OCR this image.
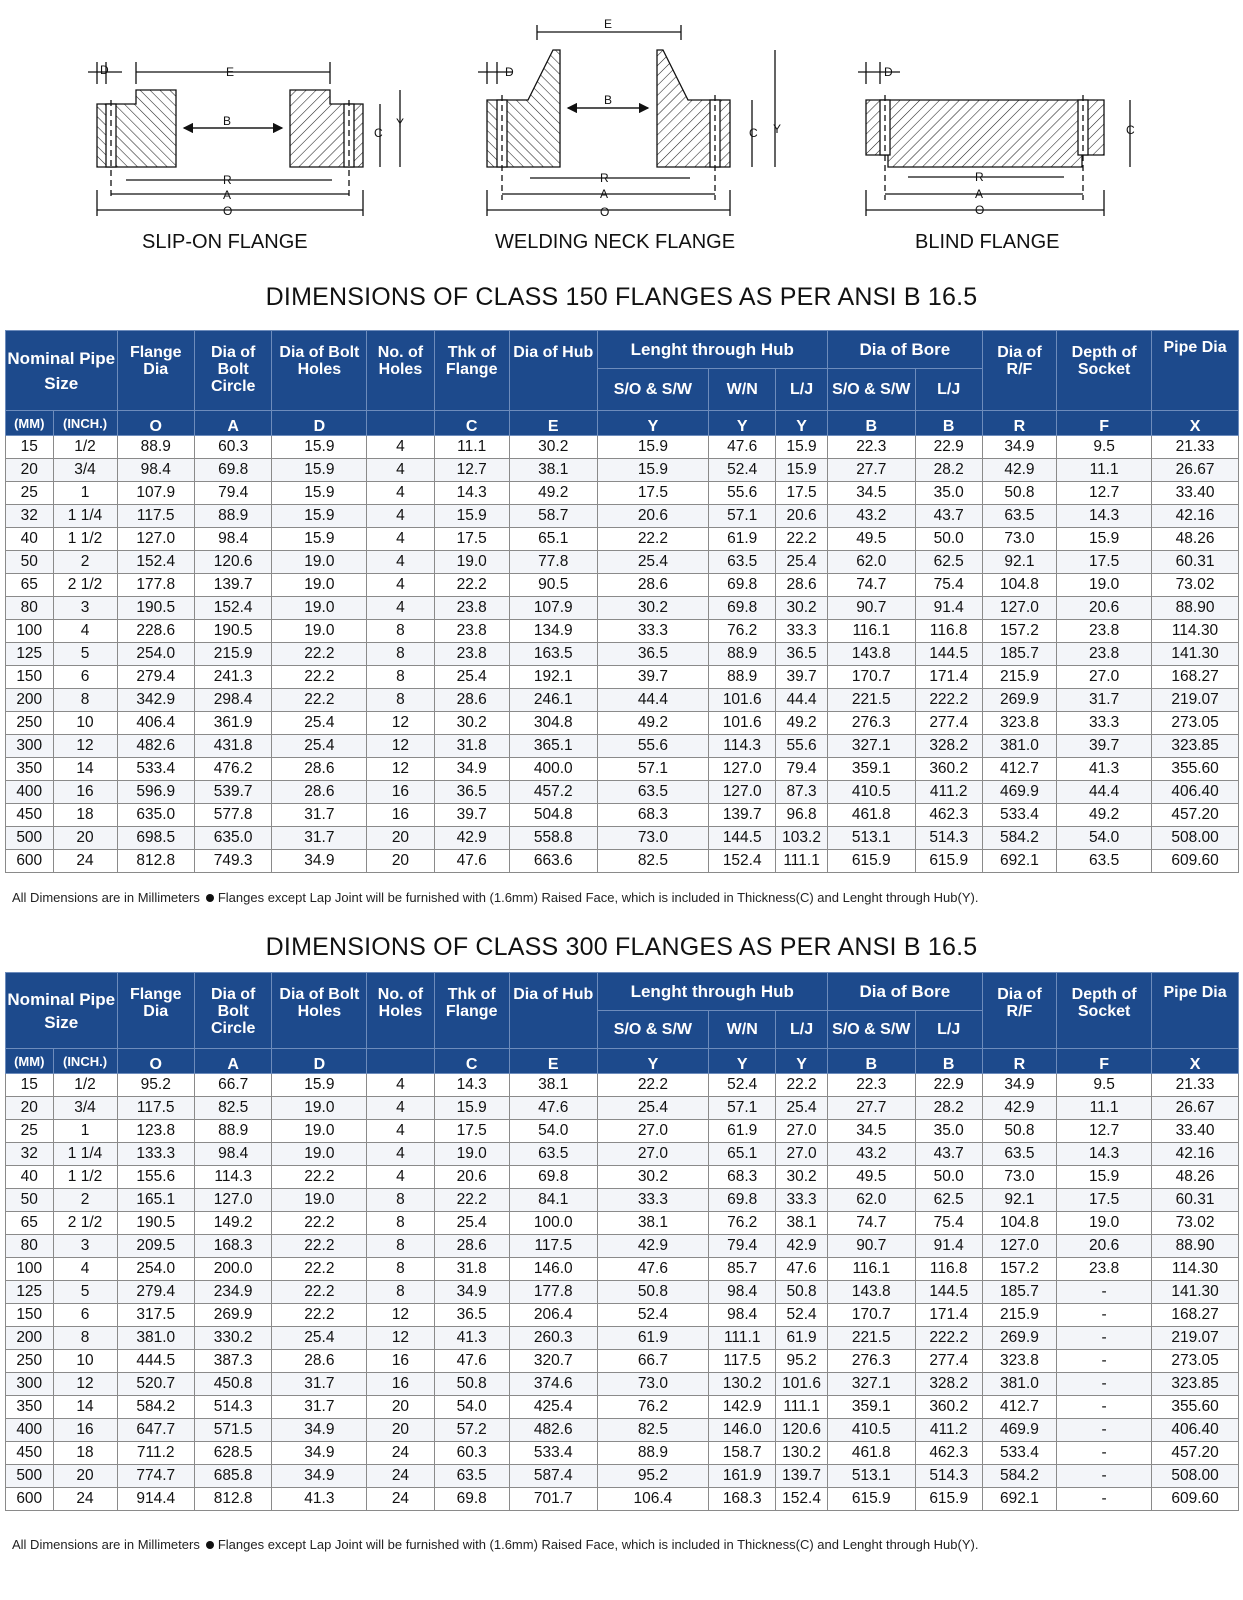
D	E
B
C
Y
R
A
O
E
D
B
C Y
R
A
O
D
C
R
A
O
SLIP-ON FLANGE	WELDING NECK FLANGE	BLIND FLANGE
DIMENSIONS OF CLASS 150 FLANGES AS PER ANSI B 16.5
Nominal Pipe Size		Flange Dia	Dia of Bolt Circle	Dia of Bolt Holes	No. of Holes	Thk of Flange	Dia of Hub	Lenght through Hub			Dia of Bore		Dia of R/F	Depth of Socket	Pipe Dia
								S/O & S/W	W/N	L/J	S/O & S/W	L/J			
(MM)	(INCH.)	O	A	D		C	E	Y	Y	Y	B	B	R	F	X
15	1/2	88.9	60.3	15.9	4	11.1	30.2	15.9	47.6	15.9	22.3	22.9	34.9	9.5	21.33
20	3/4	98.4	69.8	15.9	4	12.7	38.1	15.9	52.4	15.9	27.7	28.2	42.9	11.1	26.67
25	1	107.9	79.4	15.9	4	14.3	49.2	17.5	55.6	17.5	34.5	35.0	50.8	12.7	33.40
32	1 1/4	117.5	88.9	15.9	4	15.9	58.7	20.6	57.1	20.6	43.2	43.7	63.5	14.3	42.16
40	1 1/2	127.0	98.4	15.9	4	17.5	65.1	22.2	61.9	22.2	49.5	50.0	73.0	15.9	48.26
50	2	152.4	120.6	19.0	4	19.0	77.8	25.4	63.5	25.4	62.0	62.5	92.1	17.5	60.31
65	2 1/2	177.8	139.7	19.0	4	22.2	90.5	28.6	69.8	28.6	74.7	75.4	104.8	19.0	73.02
80	3	190.5	152.4	19.0	4	23.8	107.9	30.2	69.8	30.2	90.7	91.4	127.0	20.6	88.90
100	4	228.6	190.5	19.0	8	23.8	134.9	33.3	76.2	33.3	116.1	116.8	157.2	23.8	114.30
125	5	254.0	215.9	22.2	8	23.8	163.5	36.5	88.9	36.5	143.8	144.5	185.7	23.8	141.30
150	6	279.4	241.3	22.2	8	25.4	192.1	39.7	88.9	39.7	170.7	171.4	215.9	27.0	168.27
200	8	342.9	298.4	22.2	8	28.6	246.1	44.4	101.6	44.4	221.5	222.2	269.9	31.7	219.07
250	10	406.4	361.9	25.4	12	30.2	304.8	49.2	101.6	49.2	276.3	277.4	323.8	33.3	273.05
300	12	482.6	431.8	25.4	12	31.8	365.1	55.6	114.3	55.6	327.1	328.2	381.0	39.7	323.85
350	14	533.4	476.2	28.6	12	34.9	400.0	57.1	127.0	79.4	359.1	360.2	412.7	41.3	355.60
400	16	596.9	539.7	28.6	16	36.5	457.2	63.5	127.0	87.3	410.5	411.2	469.9	44.4	406.40
450	18	635.0	577.8	31.7	16	39.7	504.8	68.3	139.7	96.8	461.8	462.3	533.4	49.2	457.20
500	20	698.5	635.0	31.7	20	42.9	558.8	73.0	144.5	103.2	513.1	514.3	584.2	54.0	508.00
600	24	812.8	749.3	34.9	20	47.6	663.6	82.5	152.4	111.1	615.9	615.9	692.1	63.5	609.60
All Dimensions are in Millimeters Flanges except Lap Joint will be furnished with (1.6mm) Raised Face, which is included in Thickness(C) and Lenght through Hub(Y).
DIMENSIONS OF CLASS 300 FLANGES AS PER ANSI B 16.5
Nominal Pipe Size		Flange Dia	Dia of Bolt Circle	Dia of Bolt Holes	No. of Holes	Thk of Flange	Dia of Hub	Lenght through Hub			Dia of Bore		Dia of R/F	Depth of Socket	Pipe Dia
								S/O & S/W	W/N	L/J	S/O & S/W	L/J			
(MM)	(INCH.)	O	A	D		C	E	Y	Y	Y	B	B	R	F	X
15	1/2	95.2	66.7	15.9	4	14.3	38.1	22.2	52.4	22.2	22.3	22.9	34.9	9.5	21.33
20	3/4	117.5	82.5	19.0	4	15.9	47.6	25.4	57.1	25.4	27.7	28.2	42.9	11.1	26.67
25	1	123.8	88.9	19.0	4	17.5	54.0	27.0	61.9	27.0	34.5	35.0	50.8	12.7	33.40
32	1 1/4	133.3	98.4	19.0	4	19.0	63.5	27.0	65.1	27.0	43.2	43.7	63.5	14.3	42.16
40	1 1/2	155.6	114.3	22.2	4	20.6	69.8	30.2	68.3	30.2	49.5	50.0	73.0	15.9	48.26
50	2	165.1	127.0	19.0	8	22.2	84.1	33.3	69.8	33.3	62.0	62.5	92.1	17.5	60.31
65	2 1/2	190.5	149.2	22.2	8	25.4	100.0	38.1	76.2	38.1	74.7	75.4	104.8	19.0	73.02
80	3	209.5	168.3	22.2	8	28.6	117.5	42.9	79.4	42.9	90.7	91.4	127.0	20.6	88.90
100	4	254.0	200.0	22.2	8	31.8	146.0	47.6	85.7	47.6	116.1	116.8	157.2	23.8	114.30
125	5	279.4	234.9	22.2	8	34.9	177.8	50.8	98.4	50.8	143.8	144.5	185.7	-	141.30
150	6	317.5	269.9	22.2	12	36.5	206.4	52.4	98.4	52.4	170.7	171.4	215.9	-	168.27
200	8	381.0	330.2	25.4	12	41.3	260.3	61.9	111.1	61.9	221.5	222.2	269.9	-	219.07
250	10	444.5	387.3	28.6	16	47.6	320.7	66.7	117.5	95.2	276.3	277.4	323.8	-	273.05
300	12	520.7	450.8	31.7	16	50.8	374.6	73.0	130.2	101.6	327.1	328.2	381.0	-	323.85
350	14	584.2	514.3	31.7	20	54.0	425.4	76.2	142.9	111.1	359.1	360.2	412.7	-	355.60
400	16	647.7	571.5	34.9	20	57.2	482.6	82.5	146.0	120.6	410.5	411.2	469.9	-	406.40
450	18	711.2	628.5	34.9	24	60.3	533.4	88.9	158.7	130.2	461.8	462.3	533.4	-	457.20
500	20	774.7	685.8	34.9	24	63.5	587.4	95.2	161.9	139.7	513.1	514.3	584.2	-	508.00
600	24	914.4	812.8	41.3	24	69.8	701.7	106.4	168.3	152.4	615.9	615.9	692.1	-	609.60
All Dimensions are in Millimeters Flanges except Lap Joint will be furnished with (1.6mm) Raised Face, which is included in Thickness(C) and Lenght through Hub(Y).
